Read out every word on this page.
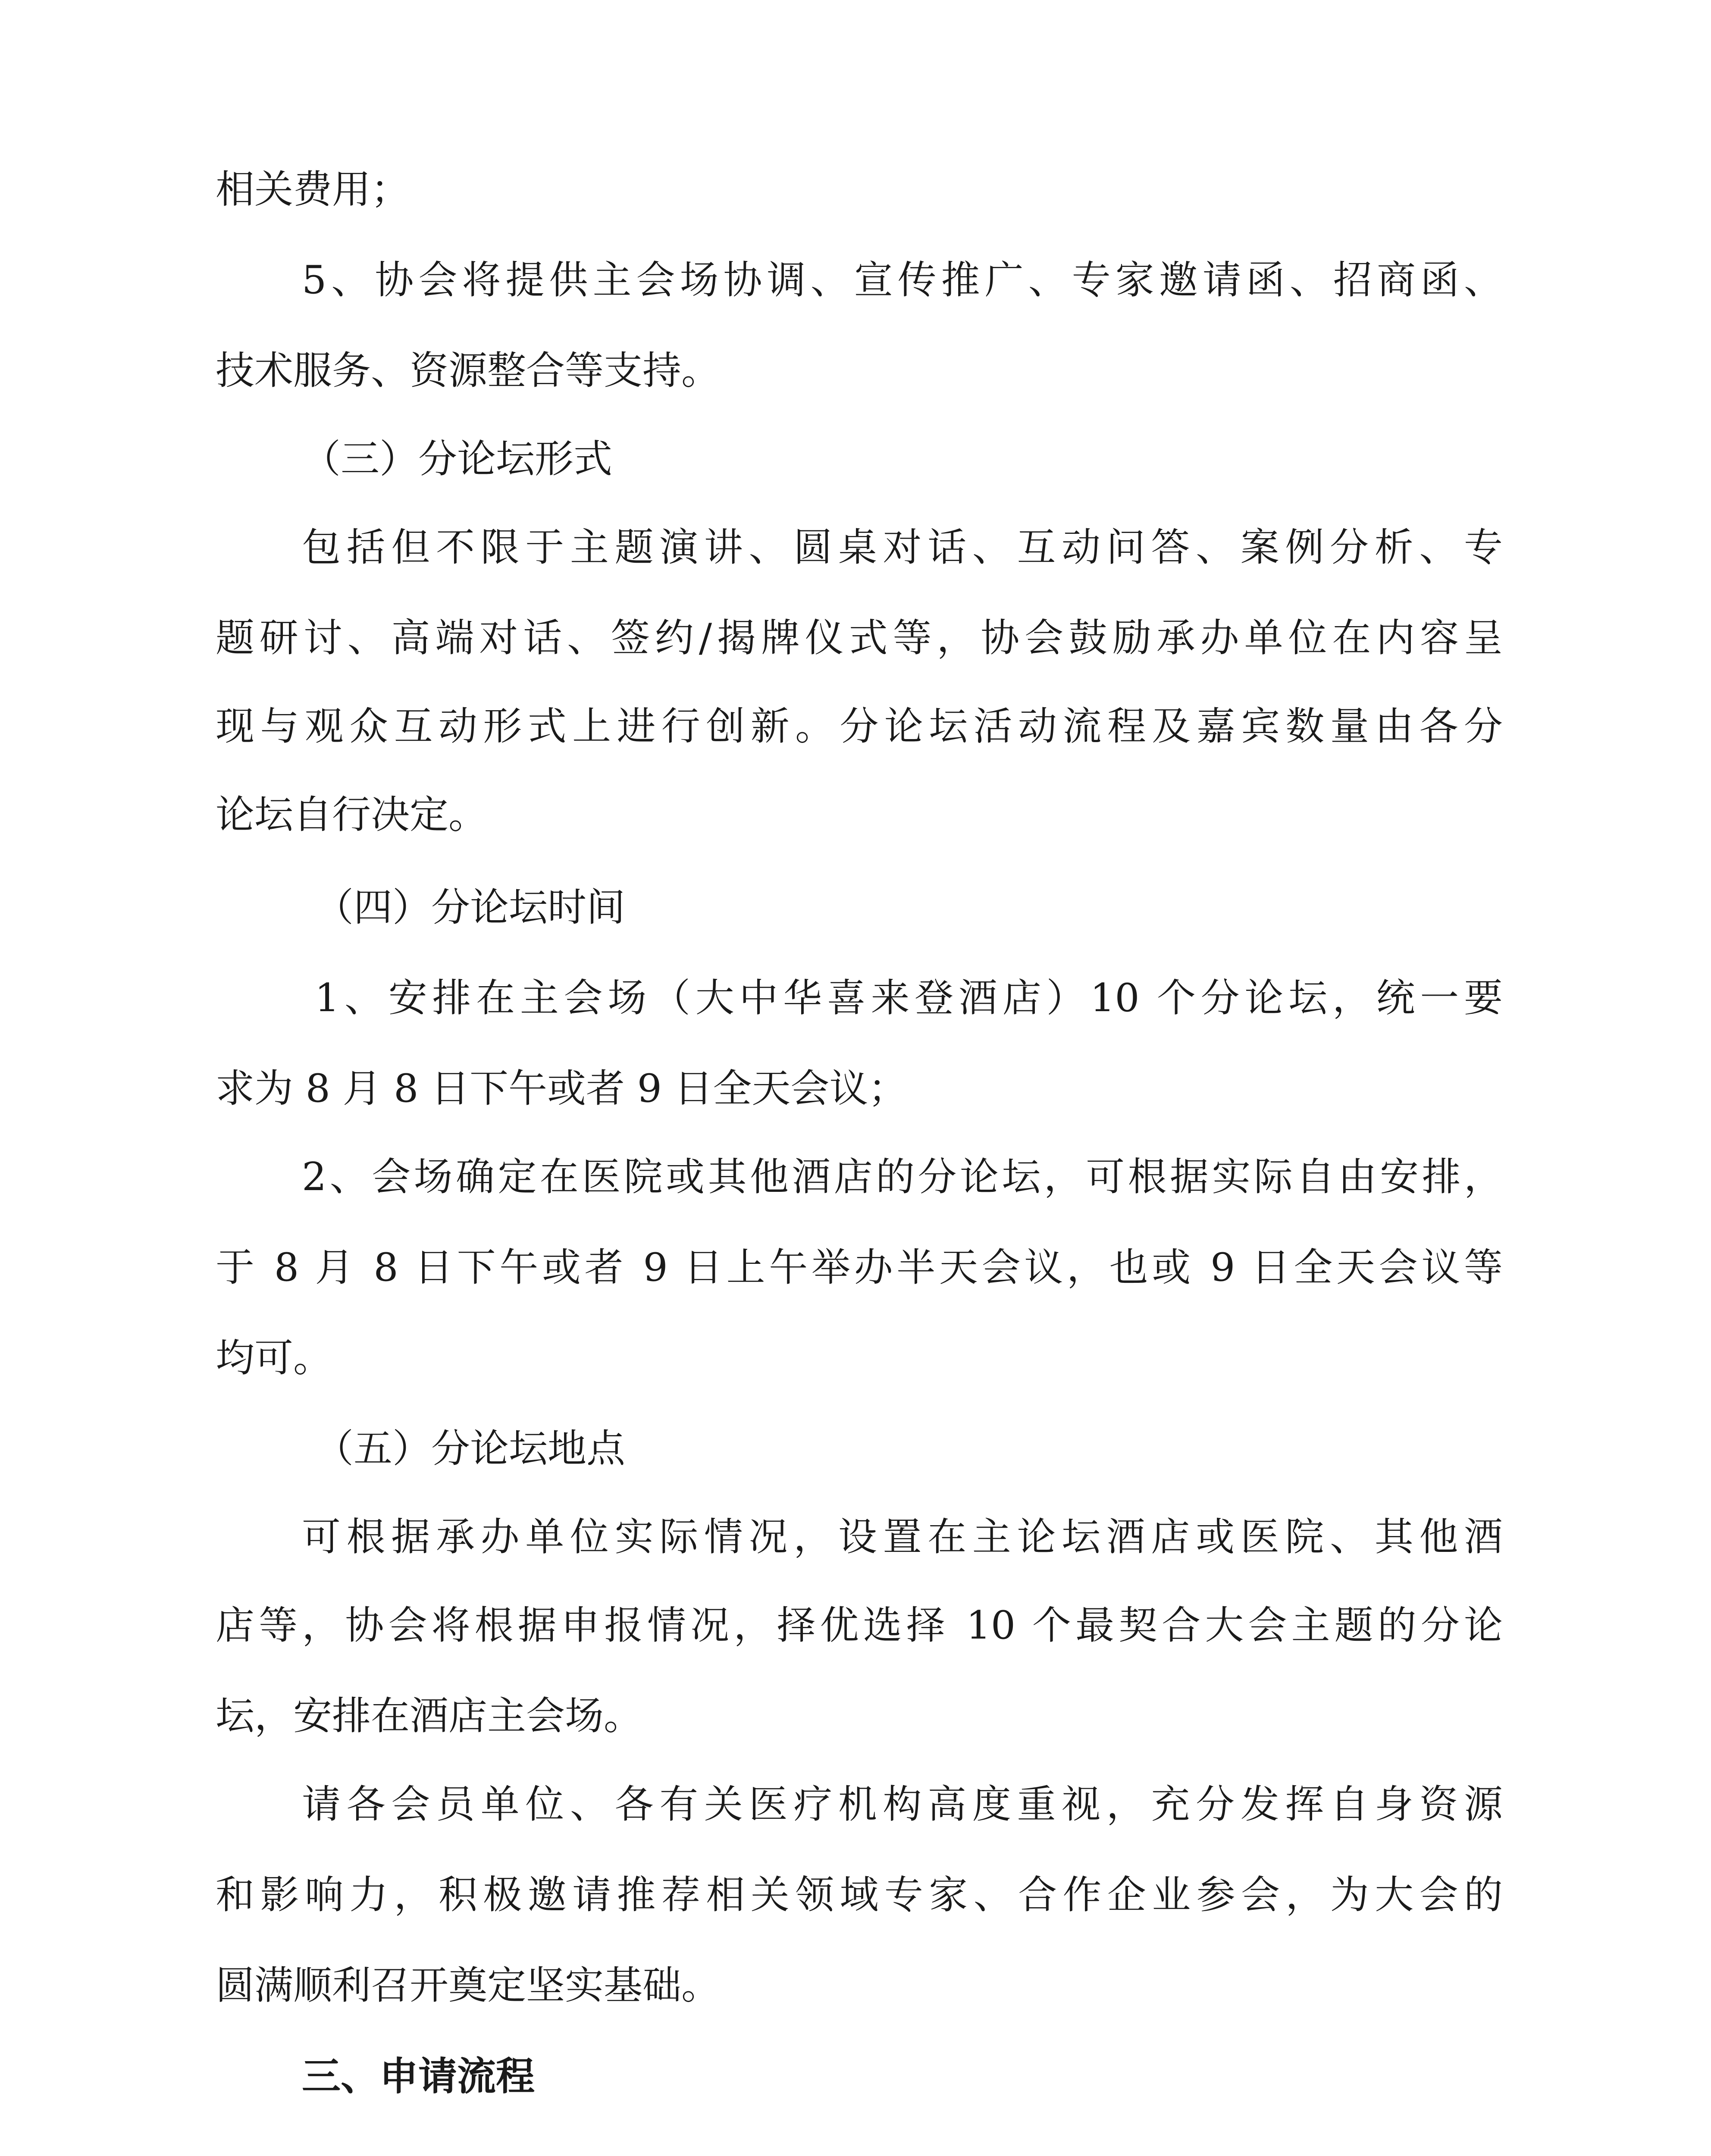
相关费用；
5、协会将提供主会场协调、宣传推广、专家邀请函、招商函、
技术服务、资源整合等支持。
（三）分论坛形式
包括但不限于主题演讲、圆桌对话、互动问答、案例分析、专
题研讨、高端对话、签约/揭牌仪式等，协会鼓励承办单位在内容呈
现与观众互动形式上进行创新。分论坛活动流程及嘉宾数量由各分
论坛自行决定。
（四）分论坛时间
1、安排在主会场（大中华喜来登酒店）10 个分论坛，统一要
求为 8 月 8 日下午或者 9 日全天会议；
2、会场确定在医院或其他酒店的分论坛，可根据实际自由安排，
于 8 月 8 日下午或者 9 日上午举办半天会议，也或 9 日全天会议等
均可。
（五）分论坛地点
可根据承办单位实际情况，设置在主论坛酒店或医院、其他酒
店等，协会将根据申报情况，择优选择 10 个最契合大会主题的分论
坛，安排在酒店主会场。
请各会员单位、各有关医疗机构高度重视，充分发挥自身资源
和影响力，积极邀请推荐相关领域专家、合作企业参会，为大会的
圆满顺利召开奠定坚实基础。
三、申请流程
